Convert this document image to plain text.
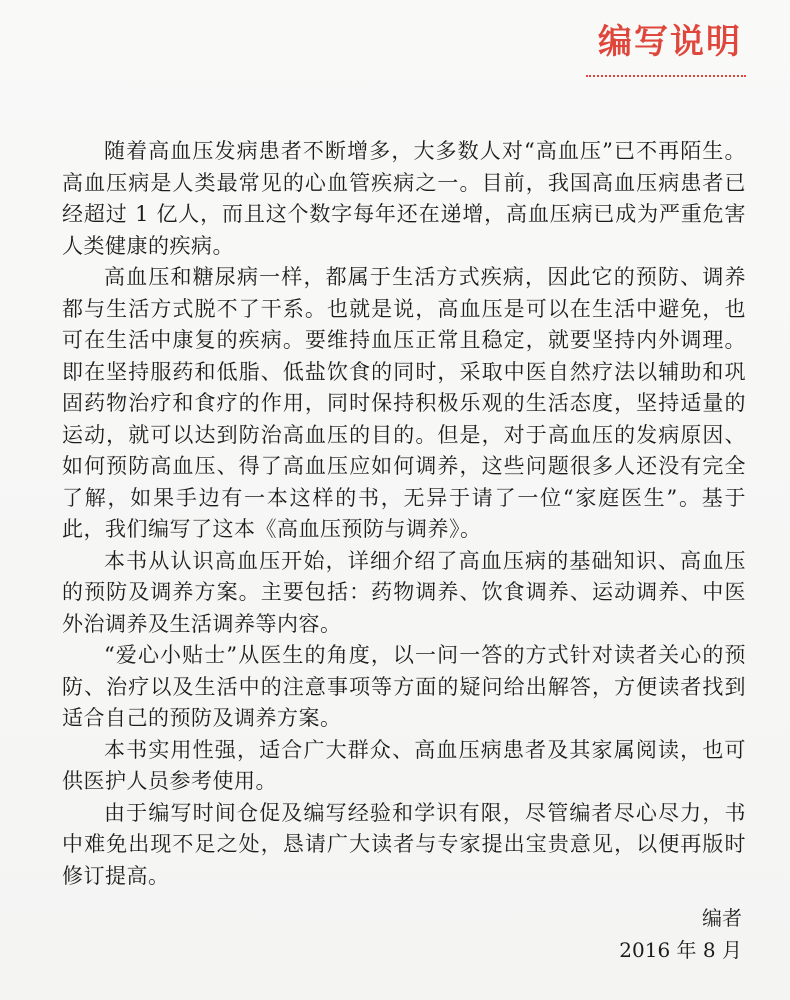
编写说明

随着高血压发病患者不断增多，大多数人对“高血压”已不再陌生。高血压病是人类最常见的心血管疾病之一。目前，我国高血压病患者已经超过 1 亿人，而且这个数字每年还在递增，高血压病已成为严重危害人类健康的疾病。

高血压和糖尿病一样，都属于生活方式疾病，因此它的预防、调养都与生活方式脱不了干系。也就是说，高血压是可以在生活中避免，也可在生活中康复的疾病。要维持血压正常且稳定，就要坚持内外调理。即在坚持服药和低脂、低盐饮食的同时，采取中医自然疗法以辅助和巩固药物治疗和食疗的作用，同时保持积极乐观的生活态度，坚持适量的运动，就可以达到防治高血压的目的。但是，对于高血压的发病原因、如何预防高血压、得了高血压应如何调养，这些问题很多人还没有完全了解，如果手边有一本这样的书，无异于请了一位“家庭医生”。基于此，我们编写了这本《高血压预防与调养》。

本书从认识高血压开始，详细介绍了高血压病的基础知识、高血压的预防及调养方案。主要包括：药物调养、饮食调养、运动调养、中医外治调养及生活调养等内容。

“爱心小贴士”从医生的角度，以一问一答的方式针对读者关心的预防、治疗以及生活中的注意事项等方面的疑问给出解答，方便读者找到适合自己的预防及调养方案。

本书实用性强，适合广大群众、高血压病患者及其家属阅读，也可供医护人员参考使用。

由于编写时间仓促及编写经验和学识有限，尽管编者尽心尽力，书中难免出现不足之处，恳请广大读者与专家提出宝贵意见，以便再版时修订提高。

编者
2016 年 8 月
